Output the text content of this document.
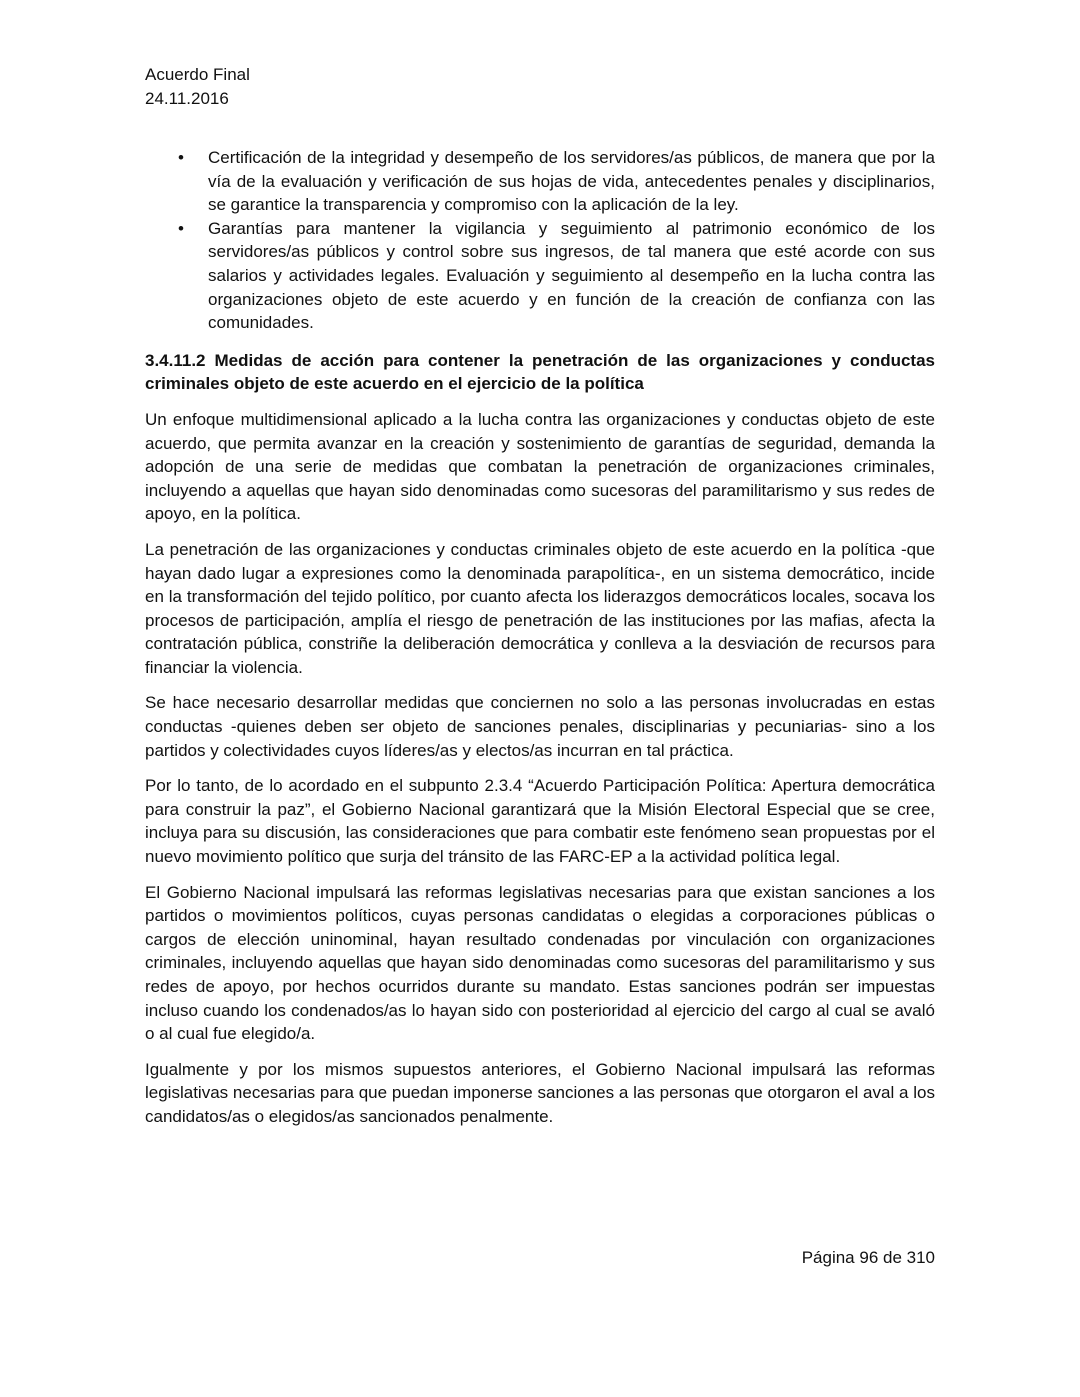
Acuerdo Final
24.11.2016
• Certificación de la integridad y desempeño de los servidores/as públicos, de manera que por la vía de la evaluación y verificación de sus hojas de vida, antecedentes penales y disciplinarios, se garantice la transparencia y compromiso con la aplicación de la ley.
• Garantías para mantener la vigilancia y seguimiento al patrimonio económico de los servidores/as públicos y control sobre sus ingresos, de tal manera que esté acorde con sus salarios y actividades legales. Evaluación y seguimiento al desempeño en la lucha contra las organizaciones objeto de este acuerdo y en función de la creación de confianza con las comunidades.

3.4.11.2 Medidas de acción para contener la penetración de las organizaciones y conductas criminales objeto de este acuerdo en el ejercicio de la política

Un enfoque multidimensional aplicado a la lucha contra las organizaciones y conductas objeto de este acuerdo, que permita avanzar en la creación y sostenimiento de garantías de seguridad, demanda la adopción de una serie de medidas que combatan la penetración de organizaciones criminales, incluyendo a aquellas que hayan sido denominadas como sucesoras del paramilitarismo y sus redes de apoyo, en la política.

La penetración de las organizaciones y conductas criminales objeto de este acuerdo en la política -que hayan dado lugar a expresiones como la denominada parapolítica-, en un sistema democrático, incide en la transformación del tejido político, por cuanto afecta los liderazgos democráticos locales, socava los procesos de participación, amplía el riesgo de penetración de las instituciones por las mafias, afecta la contratación pública, constriñe la deliberación democrática y conlleva a la desviación de recursos para financiar la violencia.

Se hace necesario desarrollar medidas que conciernen no solo a las personas involucradas en estas conductas -quienes deben ser objeto de sanciones penales, disciplinarias y pecuniarias- sino a los partidos y colectividades cuyos líderes/as y electos/as incurran en tal práctica.

Por lo tanto, de lo acordado en el subpunto 2.3.4 “Acuerdo Participación Política: Apertura democrática para construir la paz”, el Gobierno Nacional garantizará que la Misión Electoral Especial que se cree, incluya para su discusión, las consideraciones que para combatir este fenómeno sean propuestas por el nuevo movimiento político que surja del tránsito de las FARC-EP a la actividad política legal.

El Gobierno Nacional impulsará las reformas legislativas necesarias para que existan sanciones a los partidos o movimientos políticos, cuyas personas candidatas o elegidas a corporaciones públicas o cargos de elección uninominal, hayan resultado condenadas por vinculación con organizaciones criminales, incluyendo aquellas que hayan sido denominadas como sucesoras del paramilitarismo y sus redes de apoyo, por hechos ocurridos durante su mandato. Estas sanciones podrán ser impuestas incluso cuando los condenados/as lo hayan sido con posterioridad al ejercicio del cargo al cual se avaló o al cual fue elegido/a.

Igualmente y por los mismos supuestos anteriores, el Gobierno Nacional impulsará las reformas legislativas necesarias para que puedan imponerse sanciones a las personas que otorgaron el aval a los candidatos/as o elegidos/as sancionados penalmente.

Página 96 de 310
